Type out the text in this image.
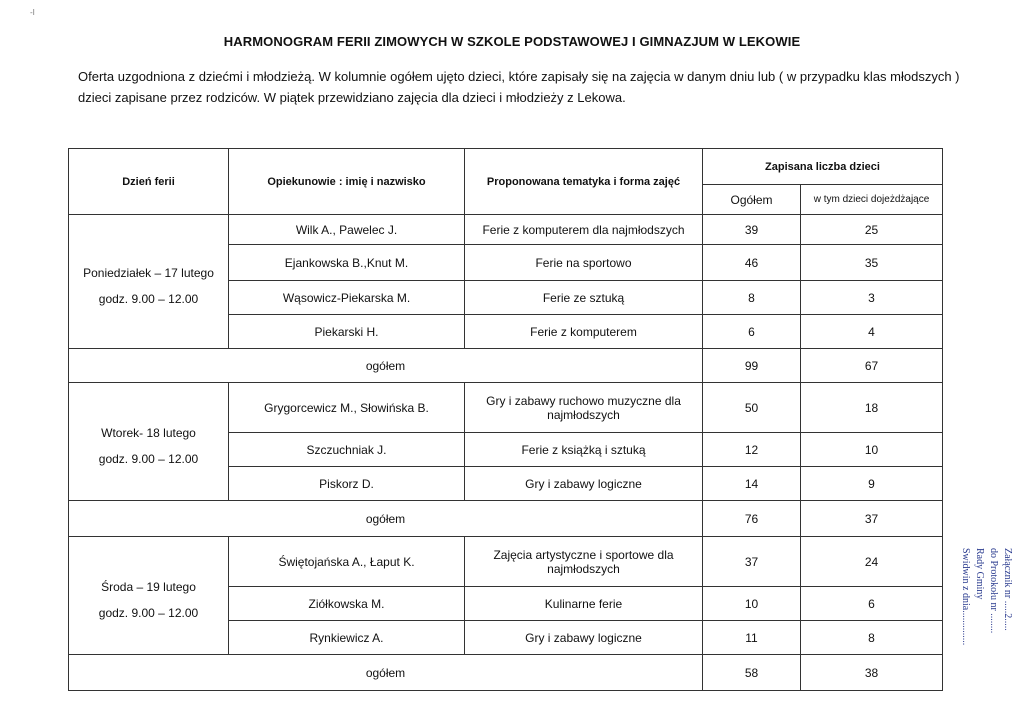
-I
HARMONOGRAM FERII ZIMOWYCH W SZKOLE PODSTAWOWEJ I GIMNAZJUM W LEKOWIE
Oferta uzgodniona z dziećmi i młodzieżą. W kolumnie ogółem ujęto dzieci, które zapisały się na zajęcia w danym dniu lub ( w przypadku klas młodszych ) dzieci zapisane przez rodziców. W piątek przewidziano zajęcia dla dzieci i młodzieży z Lekowa.
Dzień ferii	Opiekunowie : imię i nazwisko	Proponowana tematyka i forma zajęć	Zapisana liczba dzieci	
			Ogółem	w tym dzieci dojeżdżające

Poniedziałek – 17 lutego
godz. 9.00 – 12.00	Wilk A., Pawelec J.	Ferie z komputerem dla najmłodszych	39	25
	Ejankowska B.,Knut M.	Ferie na sportowo	46	35
	Wąsowicz-Piekarska M.	Ferie ze sztuką	8	3
	Piekarski H.	Ferie z komputerem	6	4
ogółem			99	67

Wtorek- 18 lutego
godz. 9.00 – 12.00	Grygorcewicz M., Słowińska B.	Gry i zabawy ruchowo muzyczne dla najmłodszych	50	18
	Szczuchniak J.	Ferie z książką i sztuką	12	10
	Piskorz D.	Gry i zabawy logiczne	14	9
ogółem			76	37

Środa – 19 lutego
godz. 9.00 – 12.00	Świętojańska A., Łaput K.	Zajęcia artystyczne i sportowe dla najmłodszych	37	24
	Ziółkowska M.	Kulinarne ferie	10	6
	Rynkiewicz A.	Gry i zabawy logiczne	11	8
ogółem			58	38
Załącznik nr .....2.....
do Protokołu nr ........
Rady Gminy
Swidwin z dnia..............
